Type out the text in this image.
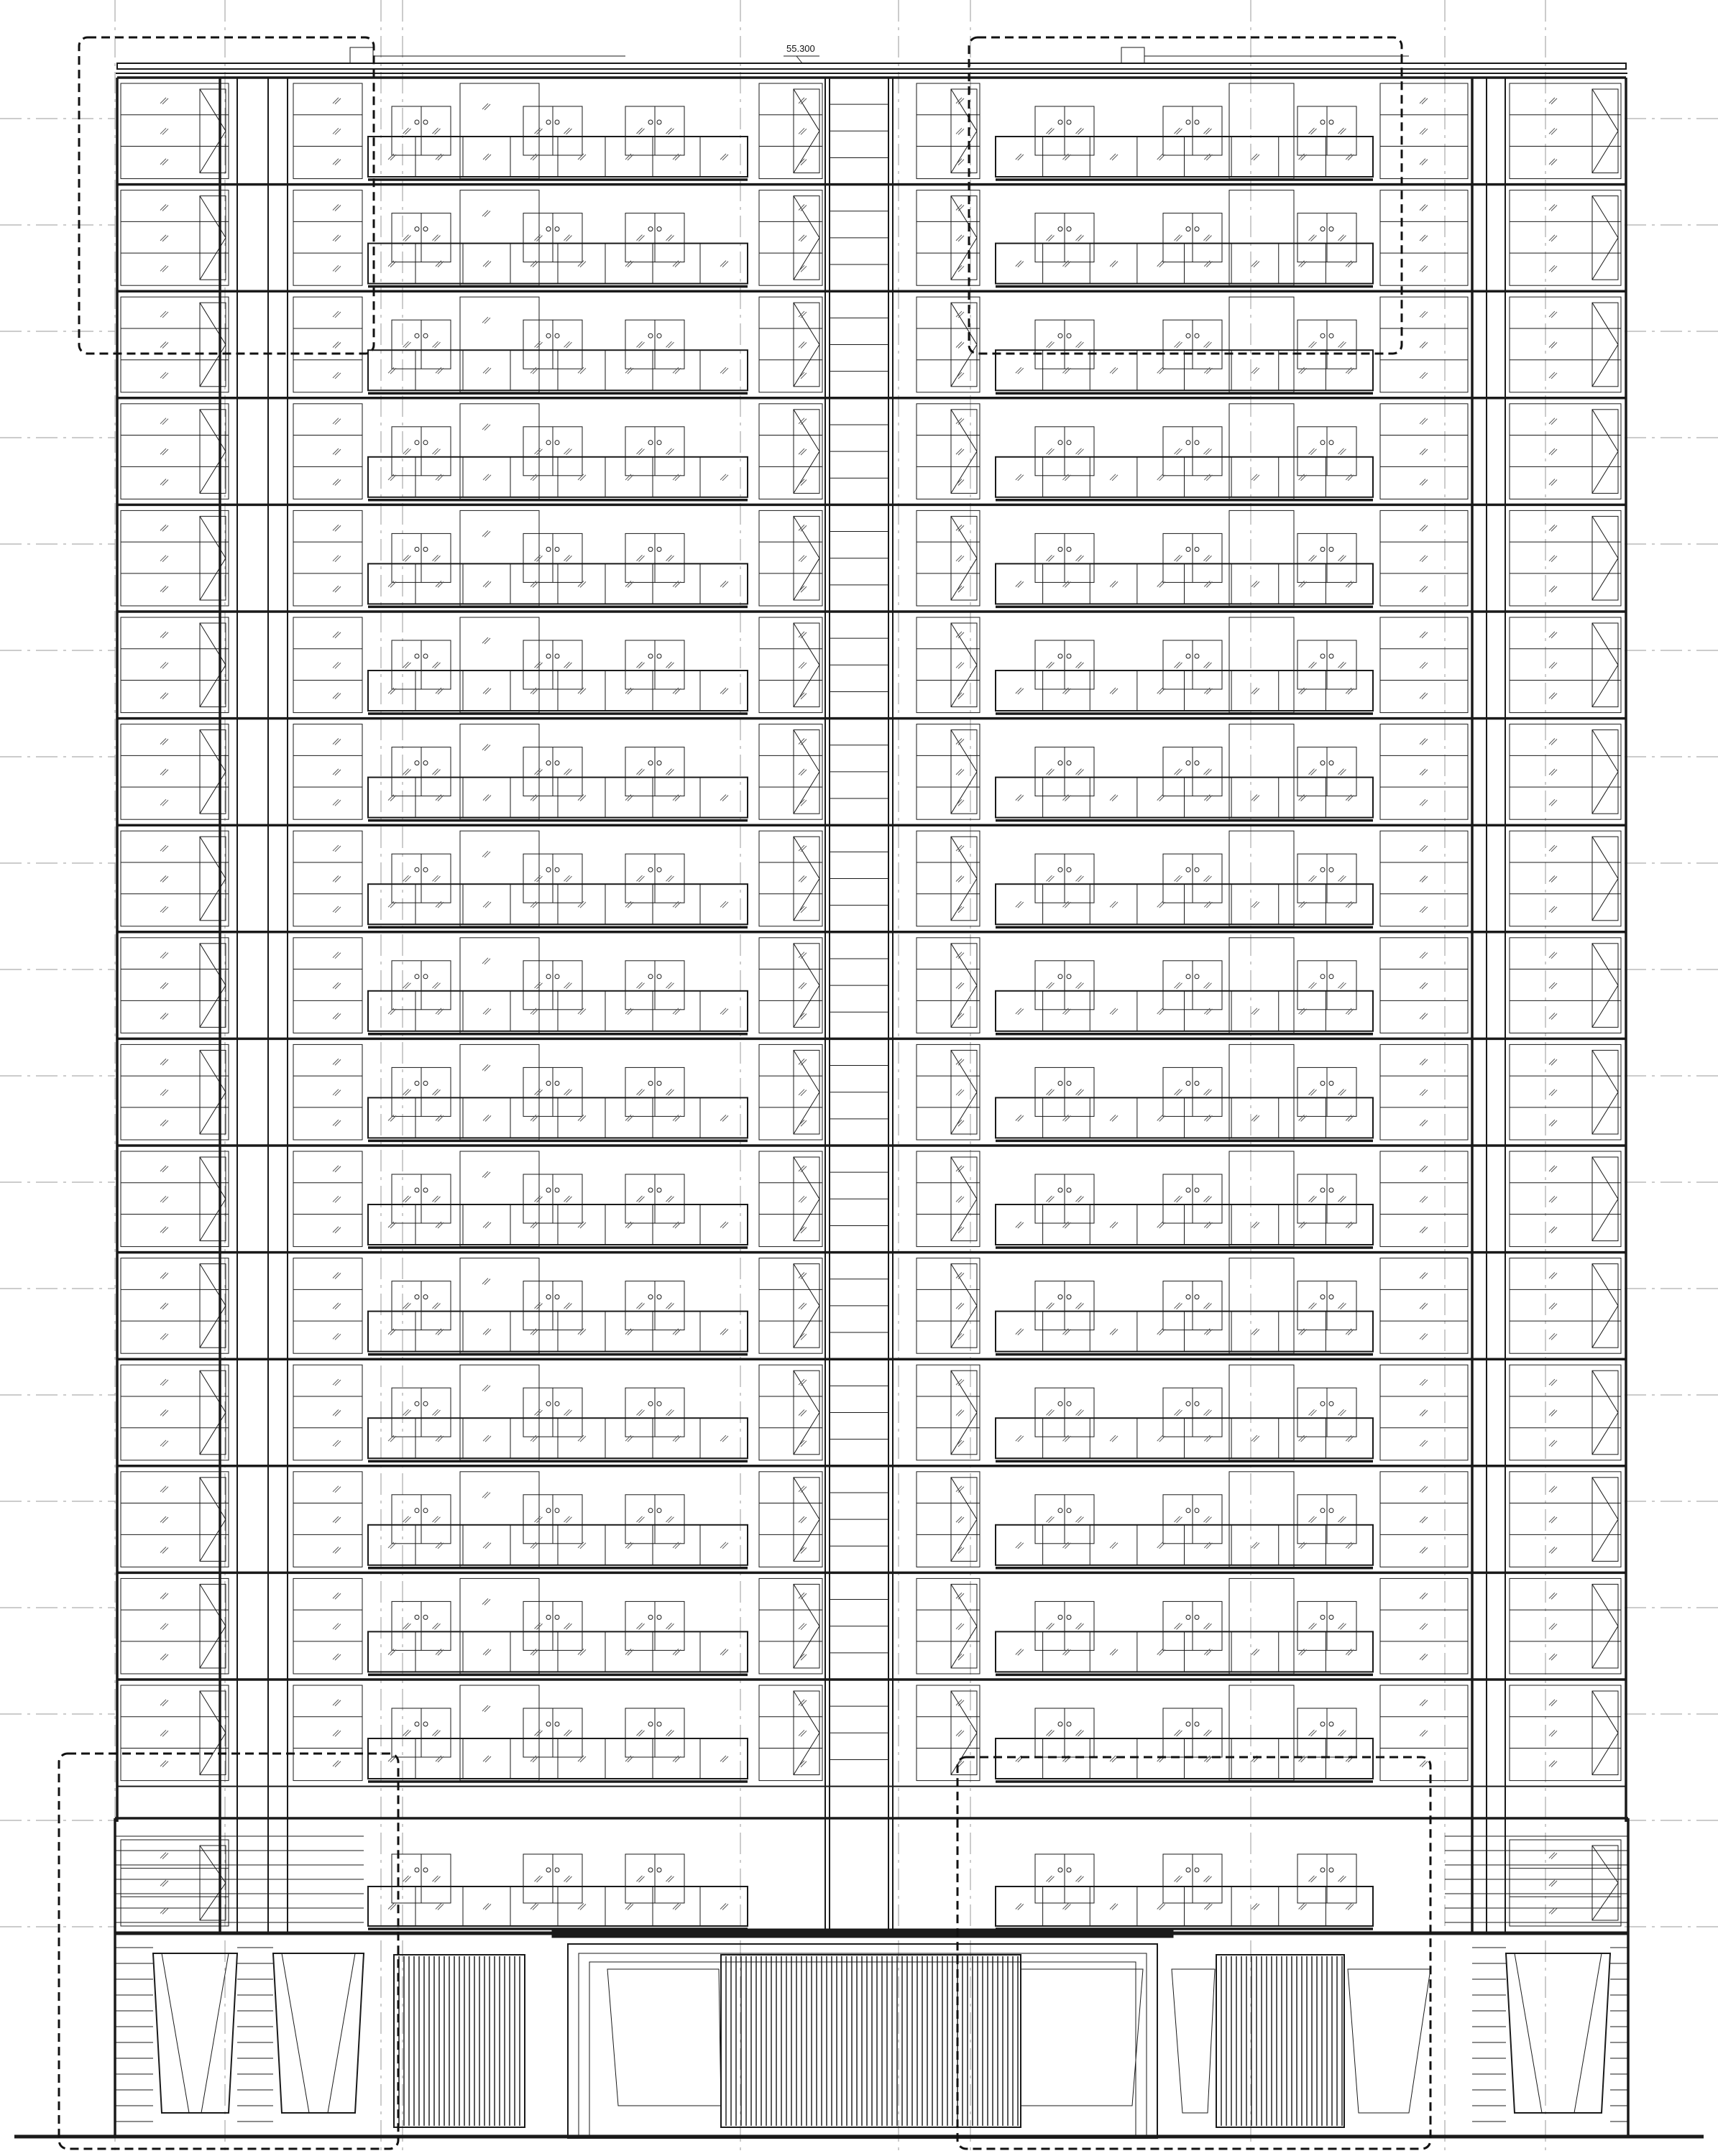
55.300
